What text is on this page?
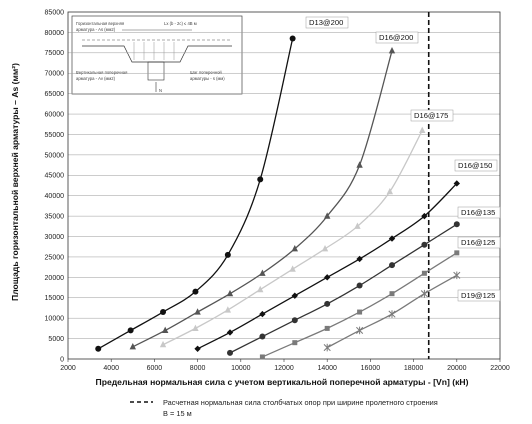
Горизонтальная верхняя
арматура - As (мм2)
Lx (b - 2c) ≤ 4B м
Вертикальная поперечная
арматура - Av (мм2)
Шаг поперечной
арматуры - s (мм)
N
0
5000
10000
15000
20000
25000
30000
35000
40000
45000
50000
55000
60000
65000
70000
75000
80000
85000
2000	4000	6000	8000	10000	12000	14000	16000	18000	20000	22000
D13@200
D16@200
D16@175
D16@150
D16@135
D16@125
D19@125
Площадь горизонтальной верхней арматуры – As (мм²)
Предельная нормальная сила с учетом вертикальной поперечной арматуры - [Vn] (кН)
Расчетная нормальная сила столбчатых опор при ширине пролетного строения
В = 15 м
